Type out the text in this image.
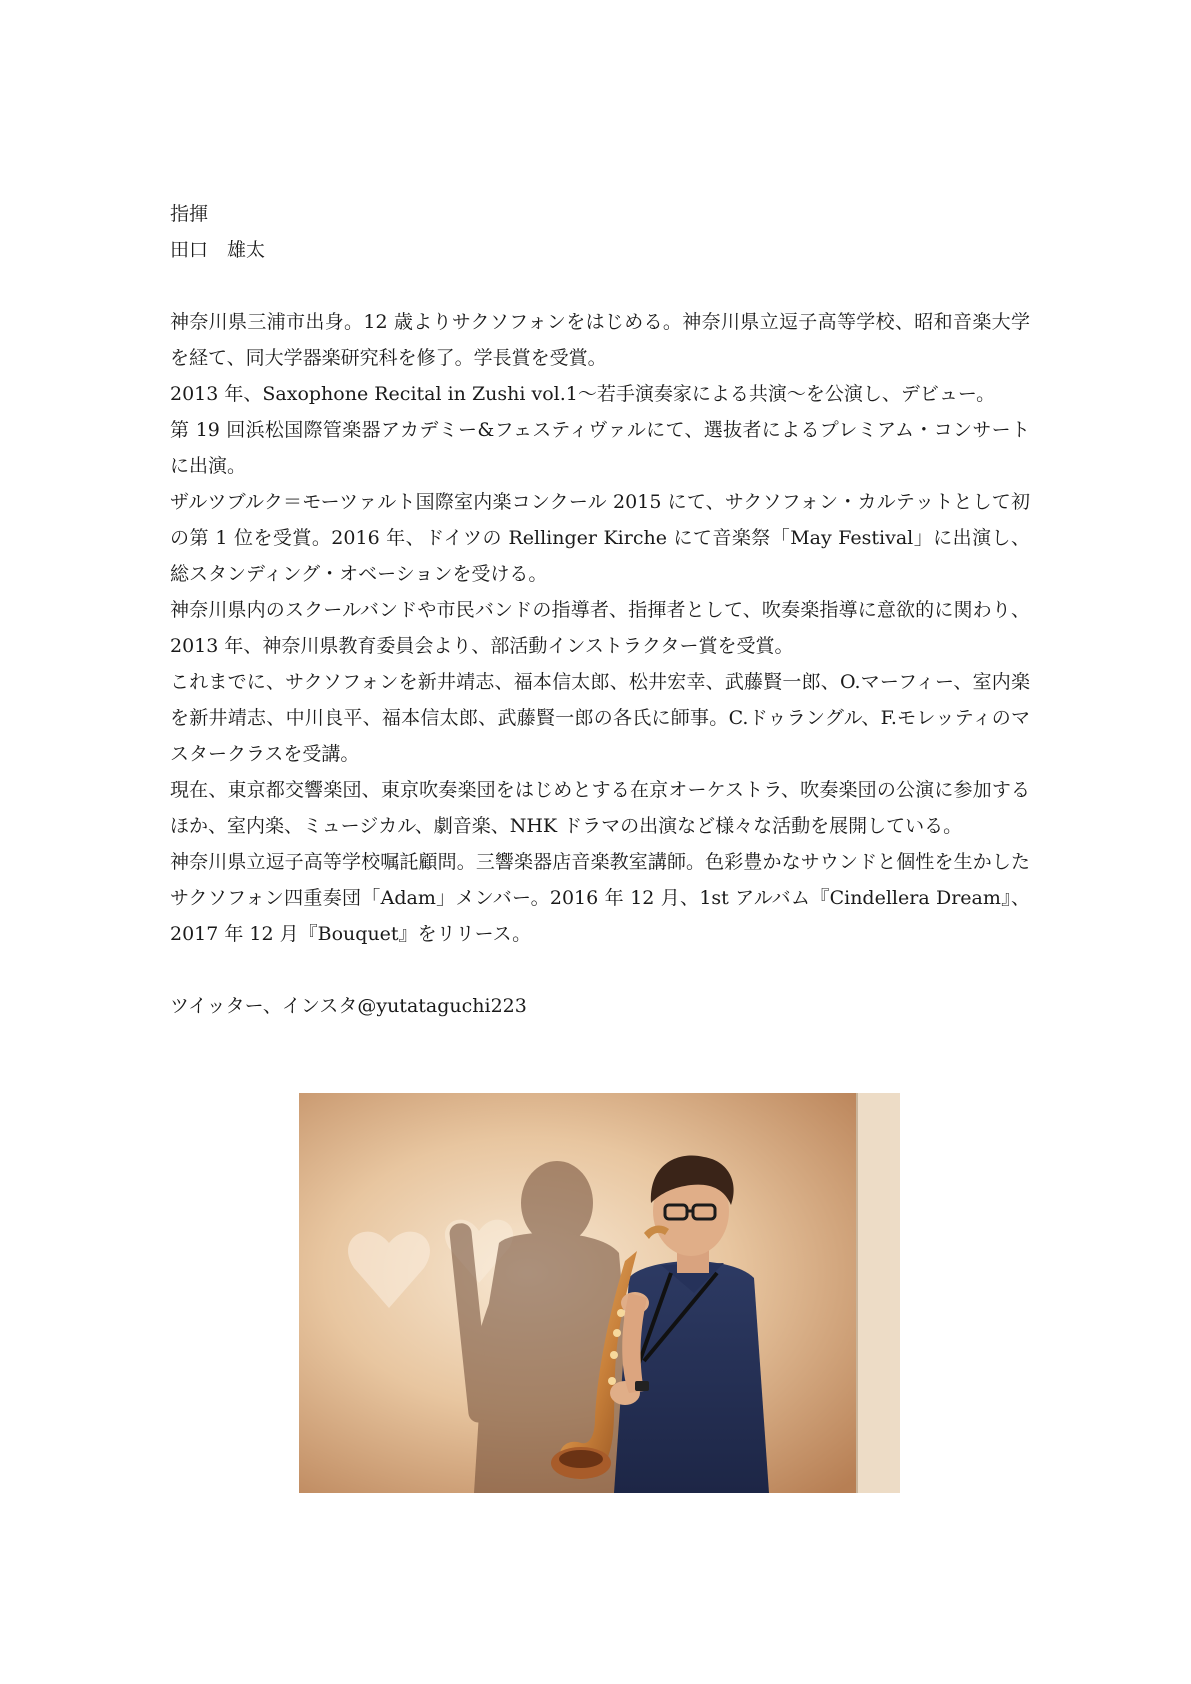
指揮
田口　雄太

神奈川県三浦市出身。12 歳よりサクソフォンをはじめる。神奈川県立逗子高等学校、昭和音楽大学を経て、同大学器楽研究科を修了。学長賞を受賞。

2013 年、Saxophone Recital in Zushi vol.1〜若手演奏家による共演〜を公演し、デビュー。

第 19 回浜松国際管楽器アカデミー&フェスティヴァルにて、選抜者によるプレミアム・コンサートに出演。

ザルツブルク＝モーツァルト国際室内楽コンクール 2015 にて、サクソフォン・カルテットとして初の第 1 位を受賞。2016 年、ドイツの Rellinger Kirche にて音楽祭「May Festival」に出演し、総スタンディング・オベーションを受ける。

神奈川県内のスクールバンドや市民バンドの指導者、指揮者として、吹奏楽指導に意欲的に関わり、2013 年、神奈川県教育委員会より、部活動インストラクター賞を受賞。

これまでに、サクソフォンを新井靖志、福本信太郎、松井宏幸、武藤賢一郎、O.マーフィー、室内楽を新井靖志、中川良平、福本信太郎、武藤賢一郎の各氏に師事。C.ドゥラングル、F.モレッティのマスタークラスを受講。

現在、東京都交響楽団、東京吹奏楽団をはじめとする在京オーケストラ、吹奏楽団の公演に参加するほか、室内楽、ミュージカル、劇音楽、NHK ドラマの出演など様々な活動を展開している。

神奈川県立逗子高等学校嘱託顧問。三響楽器店音楽教室講師。色彩豊かなサウンドと個性を生かしたサクソフォン四重奏団「Adam」メンバー。2016 年 12 月、1st アルバム『Cindellera Dream』、2017 年 12 月『Bouquet』をリリース。

ツイッター、インスタ@yutataguchi223
